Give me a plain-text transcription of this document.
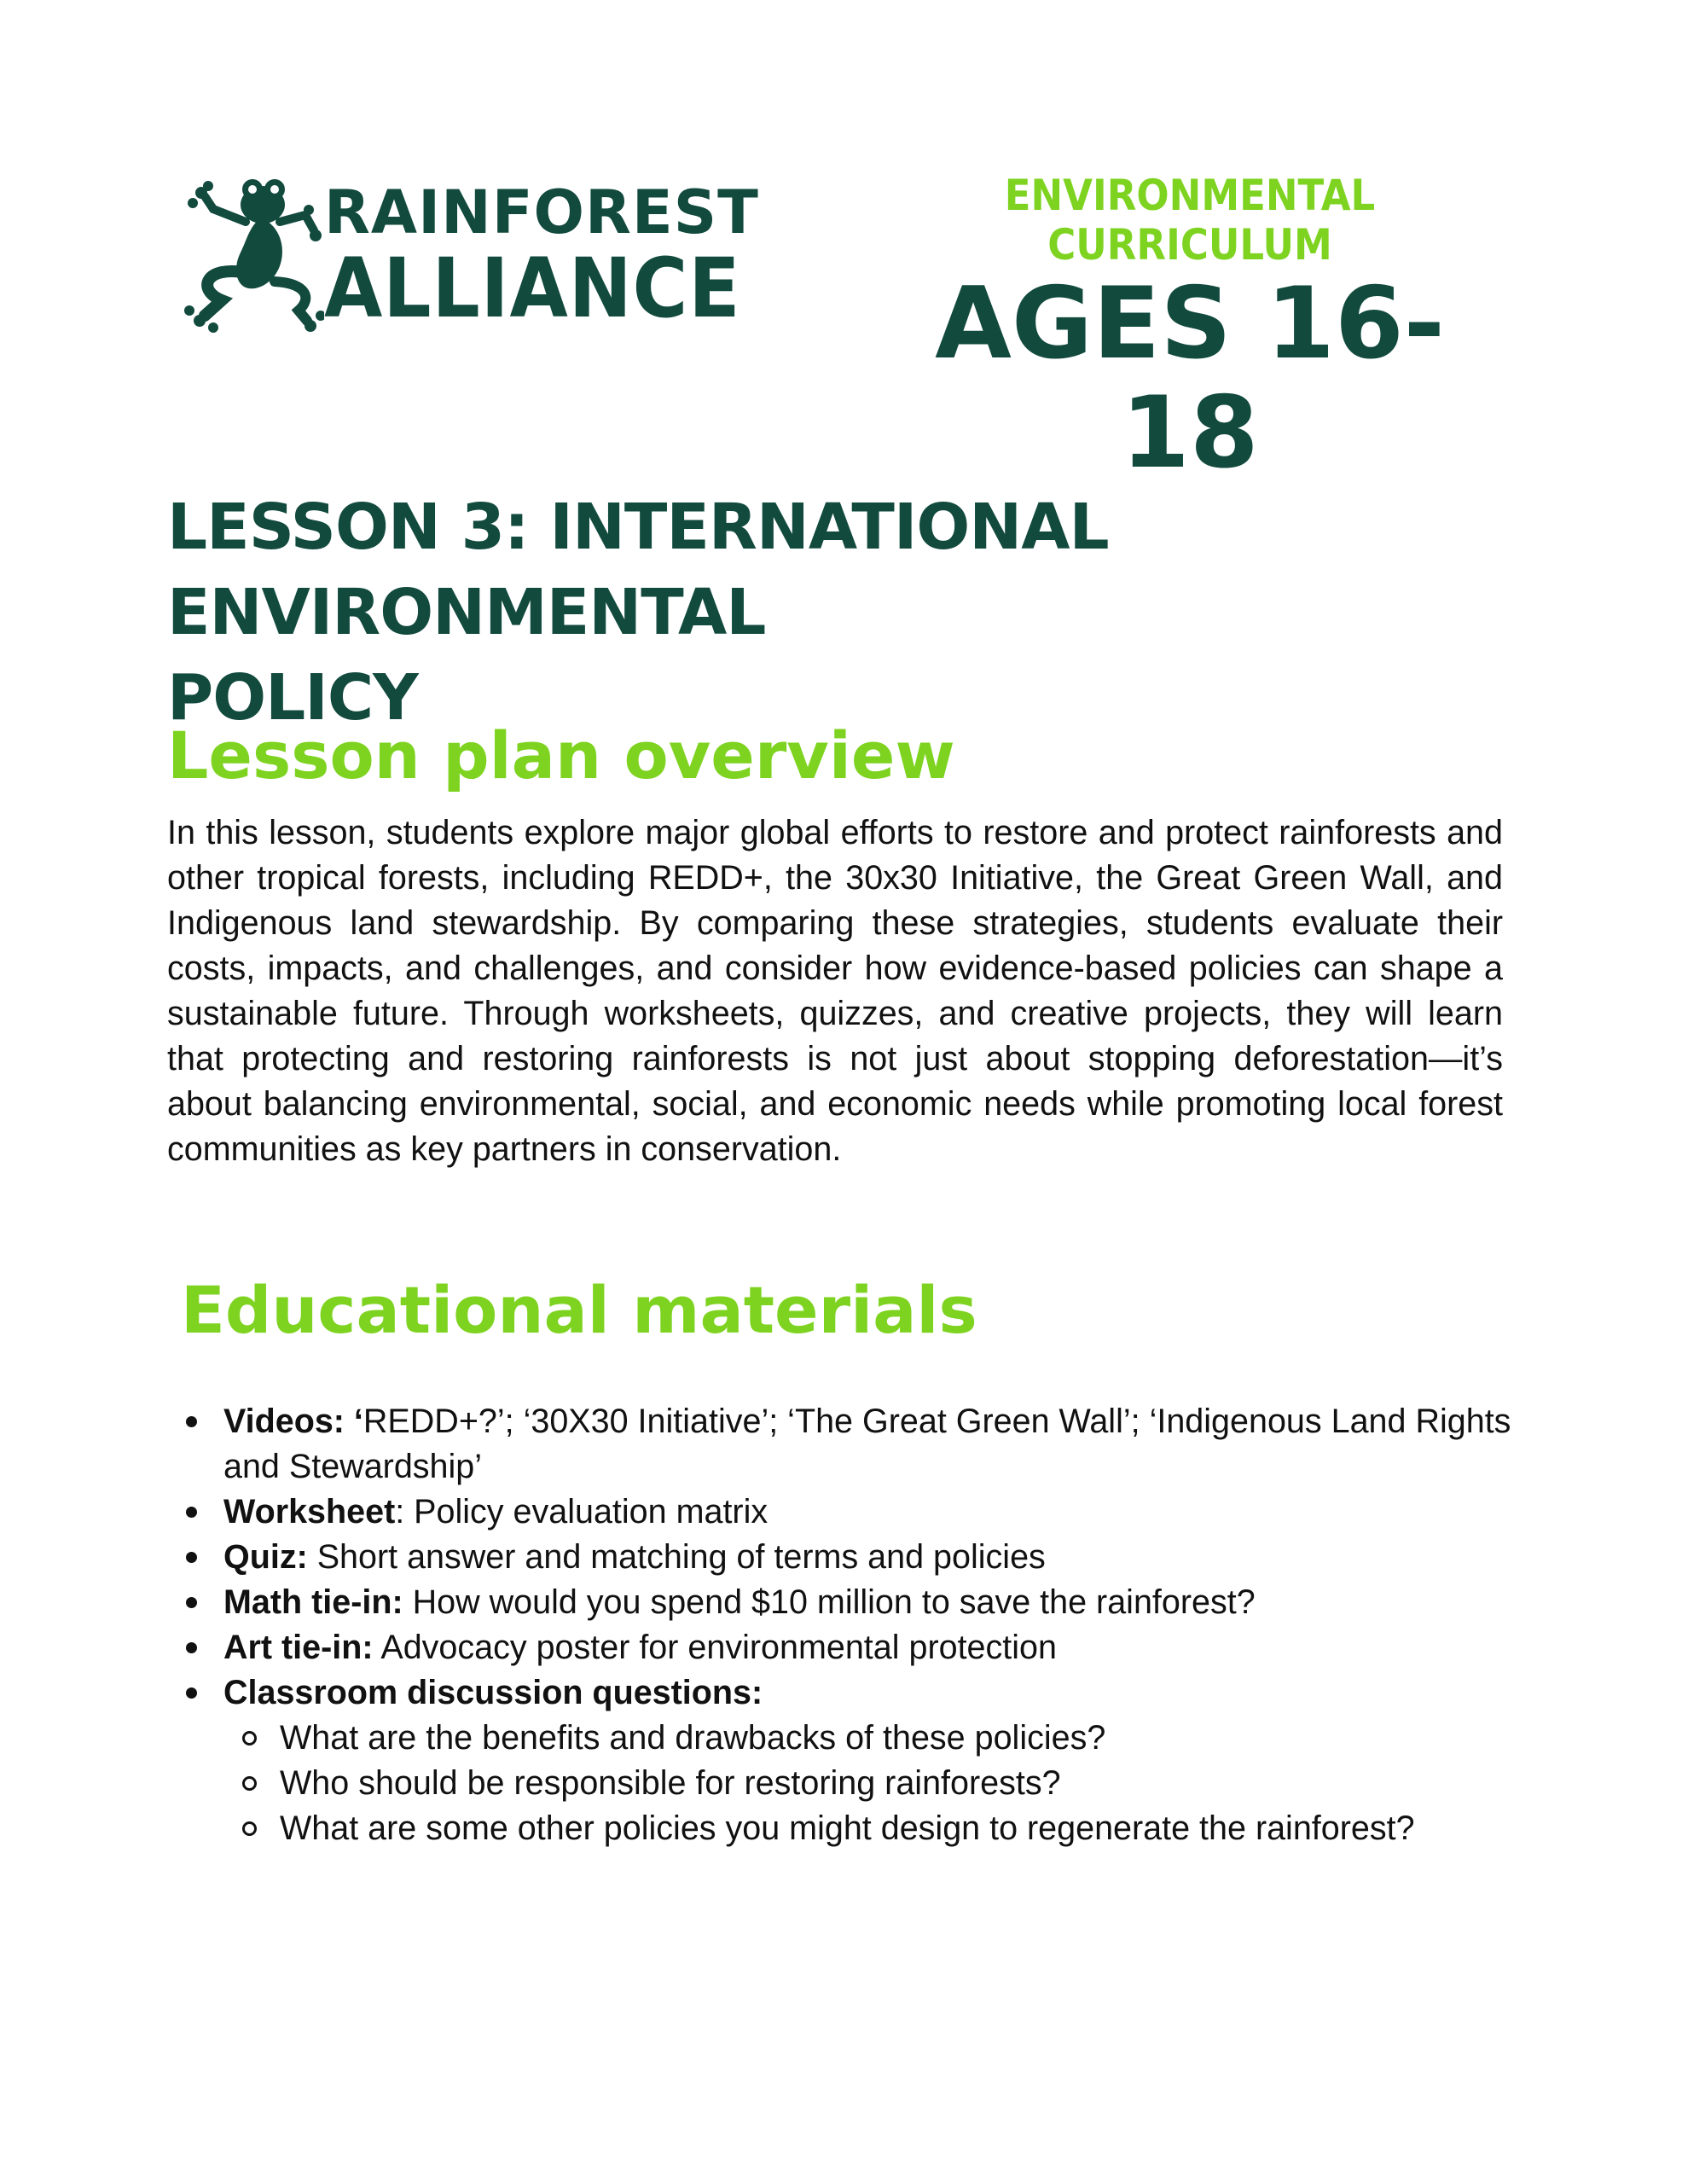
RAINFOREST
ALLIANCE
ENVIRONMENTAL CURRICULUM
AGES 16-18
LESSON 3: INTERNATIONAL ENVIRONMENTAL
POLICY
Lesson plan overview

In this lesson, students explore major global efforts to restore and protect rainforests and other tropical forests, including REDD+, the 30x30 Initiative, the Great Green Wall, and Indigenous land stewardship. By comparing these strategies, students evaluate their costs, impacts, and challenges, and consider how evidence-based policies can shape a sustainable future. Through worksheets, quizzes, and creative projects, they will learn that protecting and restoring rainforests is not just about stopping deforestation—it’s about balancing environmental, social, and economic needs while promoting local forest communities as key partners in conservation.

Educational materials
Videos: ‘REDD+?’; ‘30X30 Initiative’; ‘The Great Green Wall’; ‘Indigenous Land Rights and Stewardship’
Worksheet: Policy evaluation matrix
Quiz: Short answer and matching of terms and policies
Math tie-in: How would you spend $10 million to save the rainforest?
Art tie-in: Advocacy poster for environmental protection
Classroom discussion questions:
What are the benefits and drawbacks of these policies?
Who should be responsible for restoring rainforests?
What are some other policies you might design to regenerate the rainforest?
